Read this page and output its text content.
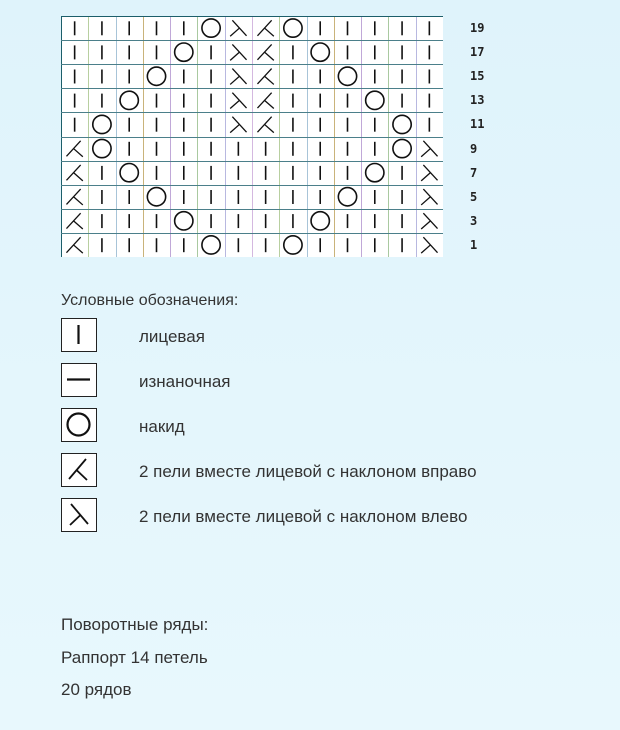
19
17
15
13
11
9
7
5
3
1
Условные обозначения:
лицевая
изнаночная
накид
2 пели вместе лицевой с наклоном вправо
2 пели вместе лицевой с наклоном влево
Поворотные ряды:
Раппорт 14 петель
20 рядов
